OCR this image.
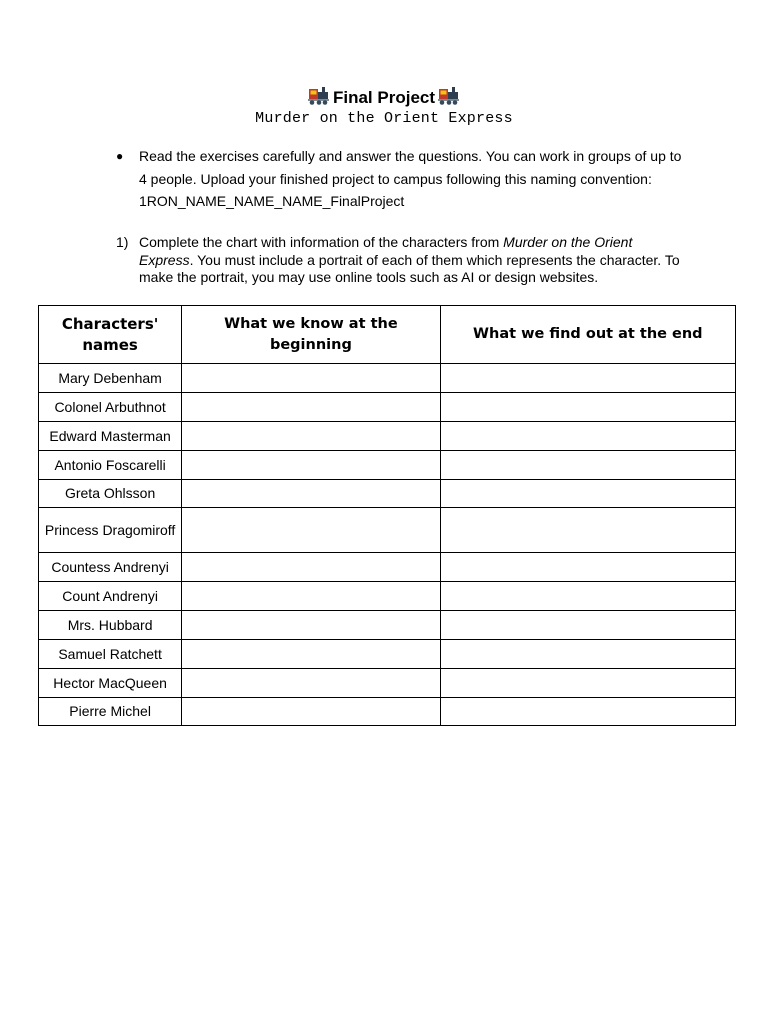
Final Project
Murder on the Orient Express
● Read the exercises carefully and answer the questions. You can work in groups of up to 4 people. Upload your finished project to campus following this naming convention: 1RON_NAME_NAME_NAME_FinalProject
1) Complete the chart with information of the characters from Murder on the Orient Express. You must include a portrait of each of them which represents the character. To make the portrait, you may use online tools such as AI or design websites.
Characters' names	What we know at the beginning	What we find out at the end
Mary Debenham		
Colonel Arbuthnot		
Edward Masterman		
Antonio Foscarelli		
Greta Ohlsson		
Princess Dragomiroff		
Countess Andrenyi		
Count Andrenyi		
Mrs. Hubbard		
Samuel Ratchett		
Hector MacQueen		
Pierre Michel		
